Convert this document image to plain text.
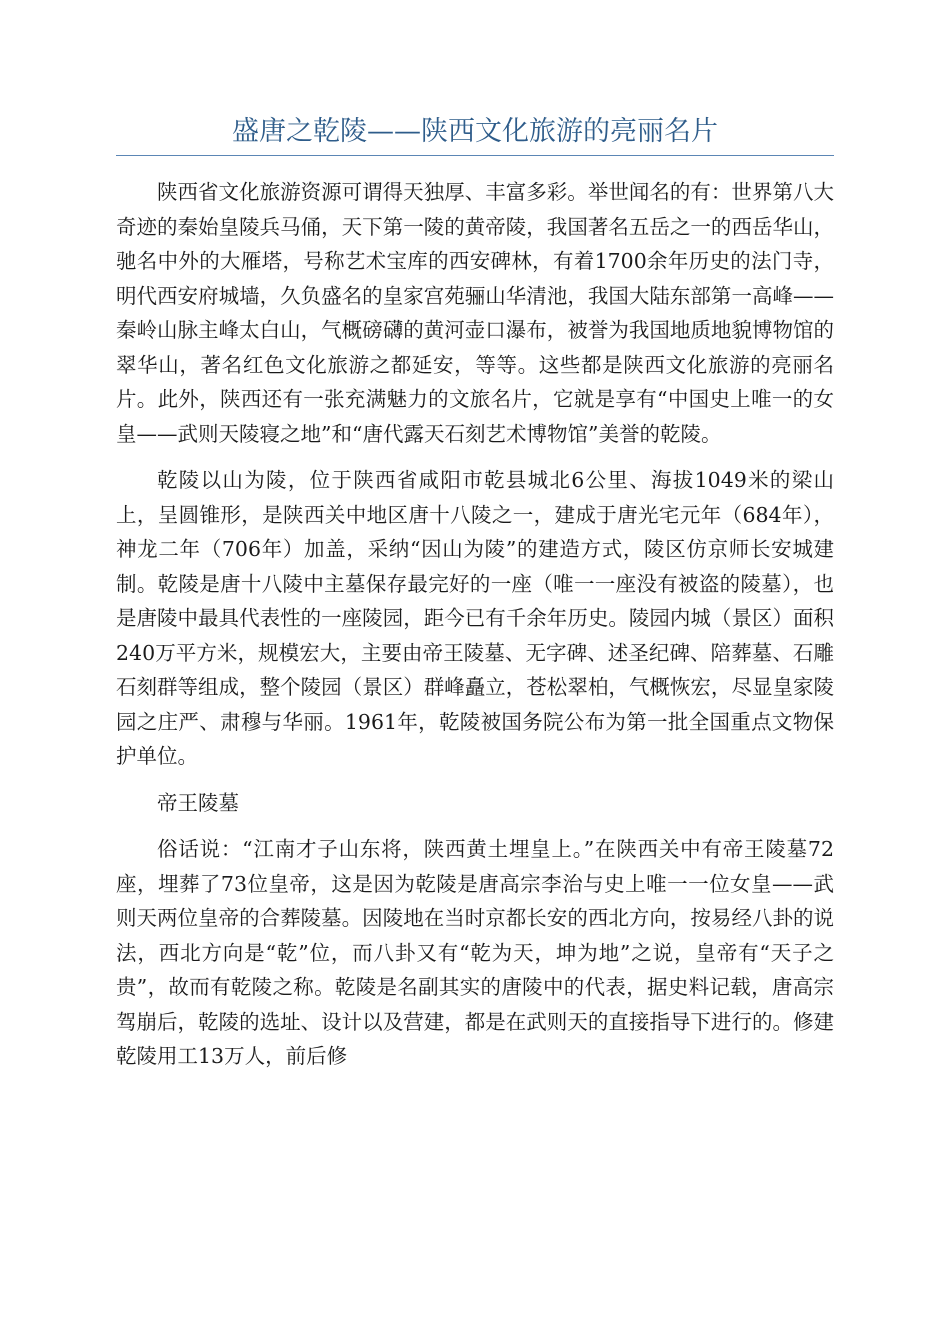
盛唐之乾陵——陕西文化旅游的亮丽名片

陕西省文化旅游资源可谓得天独厚、丰富多彩。举世闻名的有：世界第八大奇迹的秦始皇陵兵马俑，天下第一陵的黄帝陵，我国著名五岳之一的西岳华山，驰名中外的大雁塔，号称艺术宝库的西安碑林，有着1700余年历史的法门寺，明代西安府城墙，久负盛名的皇家宫苑骊山华清池，我国大陆东部第一高峰——秦岭山脉主峰太白山，气概磅礴的黄河壶口瀑布，被誉为我国地质地貌博物馆的翠华山，著名红色文化旅游之都延安，等等。这些都是陕西文化旅游的亮丽名片。此外，陕西还有一张充满魅力的文旅名片，它就是享有“中国史上唯一的女皇——武则天陵寝之地”和“唐代露天石刻艺术博物馆”美誉的乾陵。

乾陵以山为陵，位于陕西省咸阳市乾县城北6公里、海拔1049米的梁山上，呈圆锥形，是陕西关中地区唐十八陵之一，建成于唐光宅元年（684年），神龙二年（706年）加盖，采纳“因山为陵”的建造方式，陵区仿京师长安城建制。乾陵是唐十八陵中主墓保存最完好的一座（唯一一座没有被盗的陵墓），也是唐陵中最具代表性的一座陵园，距今已有千余年历史。陵园内城（景区）面积240万平方米，规模宏大，主要由帝王陵墓、无字碑、述圣纪碑、陪葬墓、石雕石刻群等组成，整个陵园（景区）群峰矗立，苍松翠柏，气概恢宏，尽显皇家陵园之庄严、肃穆与华丽。1961年，乾陵被国务院公布为第一批全国重点文物保护单位。

帝王陵墓

俗话说：“江南才子山东将，陕西黄土埋皇上。”在陕西关中有帝王陵墓72座，埋葬了73位皇帝，这是因为乾陵是唐高宗李治与史上唯一一位女皇——武则天两位皇帝的合葬陵墓。因陵地在当时京都长安的西北方向，按易经八卦的说法，西北方向是“乾”位，而八卦又有“乾为天，坤为地”之说，皇帝有“天子之贵”，故而有乾陵之称。乾陵是名副其实的唐陵中的代表，据史料记载，唐高宗驾崩后，乾陵的选址、设计以及营建，都是在武则天的直接指导下进行的。修建乾陵用工13万人，前后修
